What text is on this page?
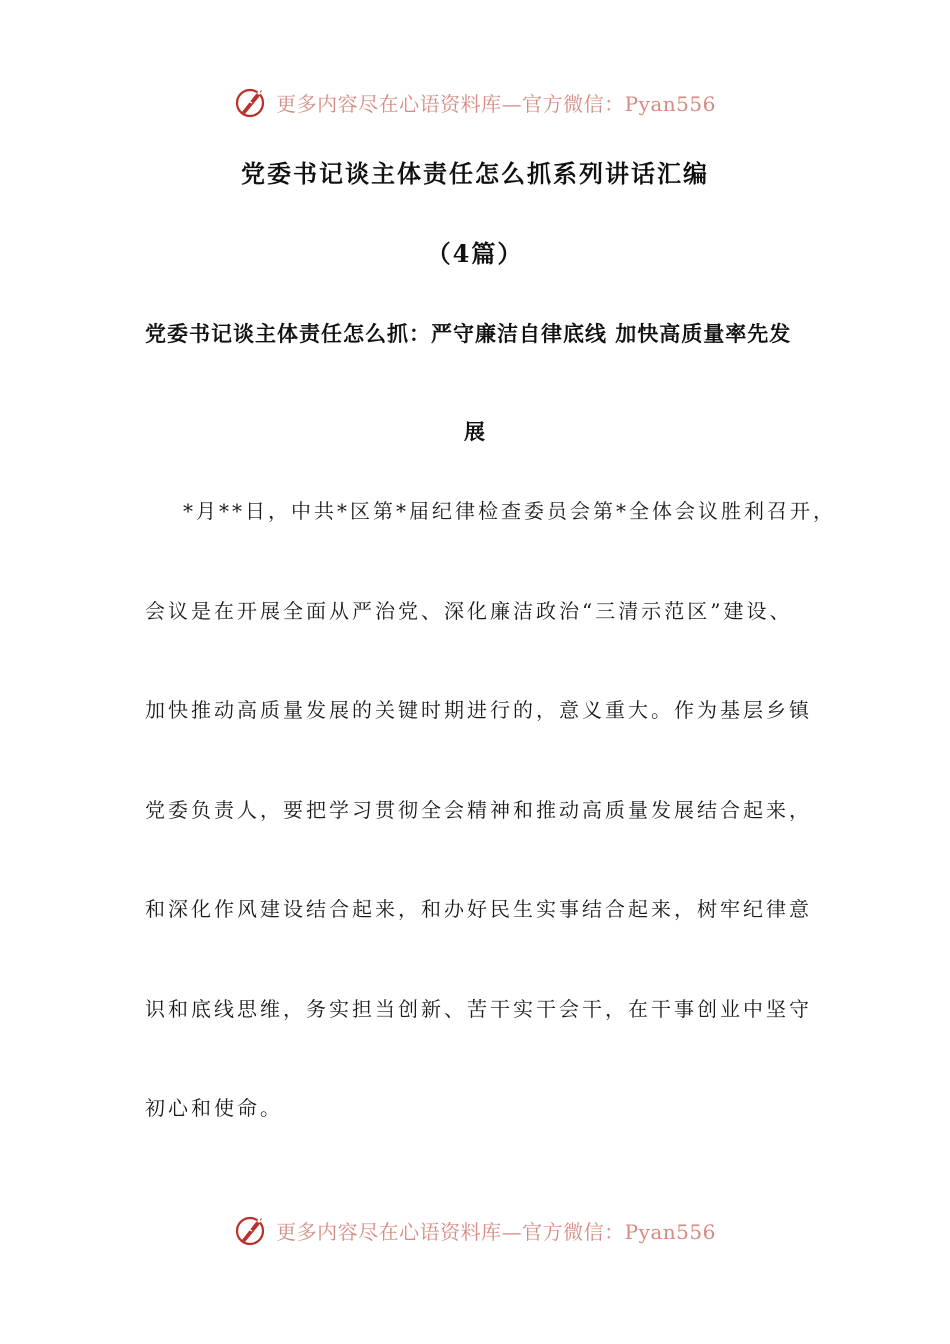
更多内容尽在心语资料库—官方微信：Pyan556
党委书记谈主体责任怎么抓系列讲话汇编
（4篇）
党委书记谈主体责任怎么抓：严守廉洁自律底线 加快高质量率先发
展
*月**日，中共*区第*届纪律检查委员会第*全体会议胜利召开，
会议是在开展全面从严治党、深化廉洁政治“三清示范区”建设、
加快推动高质量发展的关键时期进行的，意义重大。作为基层乡镇
党委负责人，要把学习贯彻全会精神和推动高质量发展结合起来，
和深化作风建设结合起来，和办好民生实事结合起来，树牢纪律意
识和底线思维，务实担当创新、苦干实干会干，在干事创业中坚守
初心和使命。
更多内容尽在心语资料库—官方微信：Pyan556
